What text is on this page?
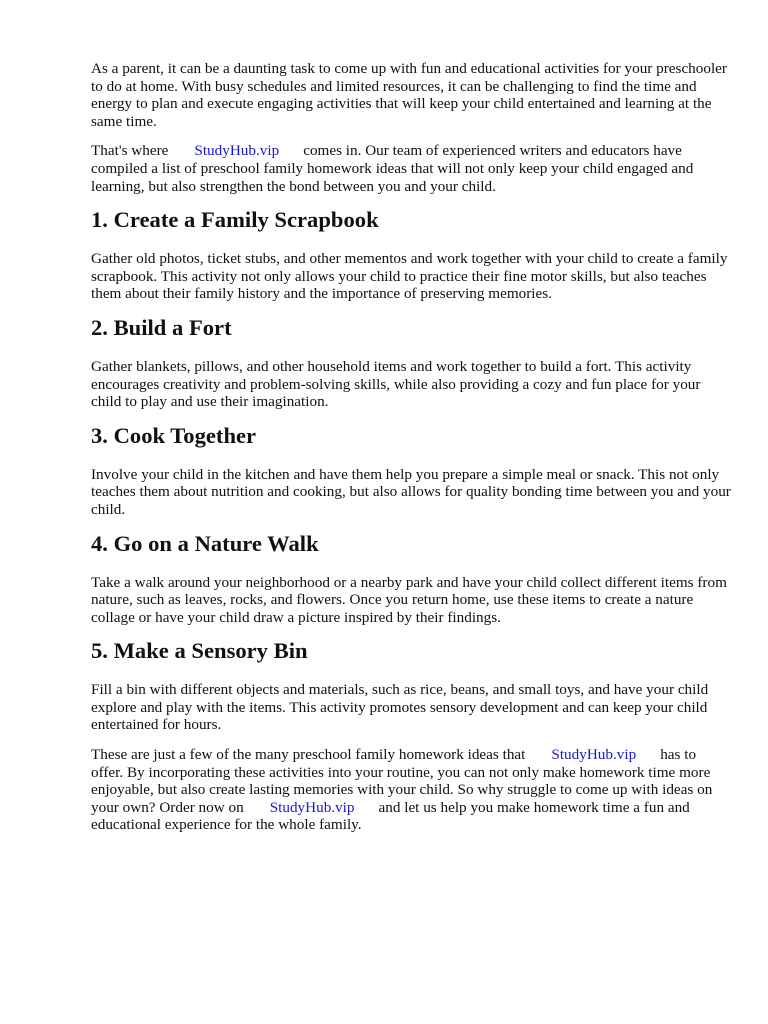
As a parent, it can be a daunting task to come up with fun and educational activities for your preschooler to do at home. With busy schedules and limited resources, it can be challenging to find the time and energy to plan and execute engaging activities that will keep your child entertained and learning at the same time.

That's where StudyHub.vip comes in. Our team of experienced writers and educators have compiled a list of preschool family homework ideas that will not only keep your child engaged and learning, but also strengthen the bond between you and your child.

1. Create a Family Scrapbook

Gather old photos, ticket stubs, and other mementos and work together with your child to create a family scrapbook. This activity not only allows your child to practice their fine motor skills, but also teaches them about their family history and the importance of preserving memories.

2. Build a Fort

Gather blankets, pillows, and other household items and work together to build a fort. This activity encourages creativity and problem-solving skills, while also providing a cozy and fun place for your child to play and use their imagination.

3. Cook Together

Involve your child in the kitchen and have them help you prepare a simple meal or snack. This not only teaches them about nutrition and cooking, but also allows for quality bonding time between you and your child.

4. Go on a Nature Walk

Take a walk around your neighborhood or a nearby park and have your child collect different items from nature, such as leaves, rocks, and flowers. Once you return home, use these items to create a nature collage or have your child draw a picture inspired by their findings.

5. Make a Sensory Bin

Fill a bin with different objects and materials, such as rice, beans, and small toys, and have your child explore and play with the items. This activity promotes sensory development and can keep your child entertained for hours.

These are just a few of the many preschool family homework ideas that StudyHub.vip has to offer. By incorporating these activities into your routine, you can not only make homework time more enjoyable, but also create lasting memories with your child. So why struggle to come up with ideas on your own? Order now on StudyHub.vip and let us help you make homework time a fun and educational experience for the whole family.
